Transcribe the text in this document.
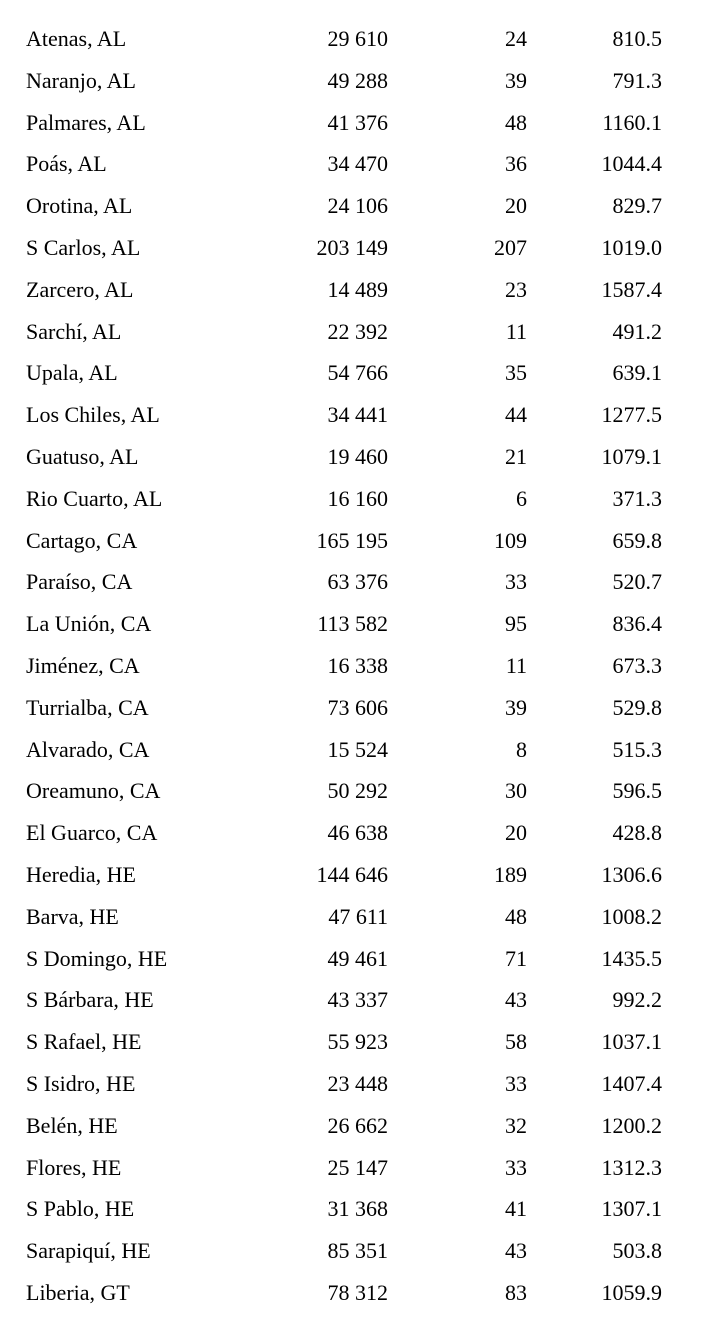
Atenas, AL	29 610	24	810.5
Naranjo, AL	49 288	39	791.3
Palmares, AL	41 376	48	1160.1
Poás, AL	34 470	36	1044.4
Orotina, AL	24 106	20	829.7
S Carlos, AL	203 149	207	1019.0
Zarcero, AL	14 489	23	1587.4
Sarchí, AL	22 392	11	491.2
Upala, AL	54 766	35	639.1
Los Chiles, AL	34 441	44	1277.5
Guatuso, AL	19 460	21	1079.1
Rio Cuarto, AL	16 160	6	371.3
Cartago, CA	165 195	109	659.8
Paraíso, CA	63 376	33	520.7
La Unión, CA	113 582	95	836.4
Jiménez, CA	16 338	11	673.3
Turrialba, CA	73 606	39	529.8
Alvarado, CA	15 524	8	515.3
Oreamuno, CA	50 292	30	596.5
El Guarco, CA	46 638	20	428.8
Heredia, HE	144 646	189	1306.6
Barva, HE	47 611	48	1008.2
S Domingo, HE	49 461	71	1435.5
S Bárbara, HE	43 337	43	992.2
S Rafael, HE	55 923	58	1037.1
S Isidro, HE	23 448	33	1407.4
Belén, HE	26 662	32	1200.2
Flores, HE	25 147	33	1312.3
S Pablo, HE	31 368	41	1307.1
Sarapiquí, HE	85 351	43	503.8
Liberia, GT	78 312	83	1059.9
